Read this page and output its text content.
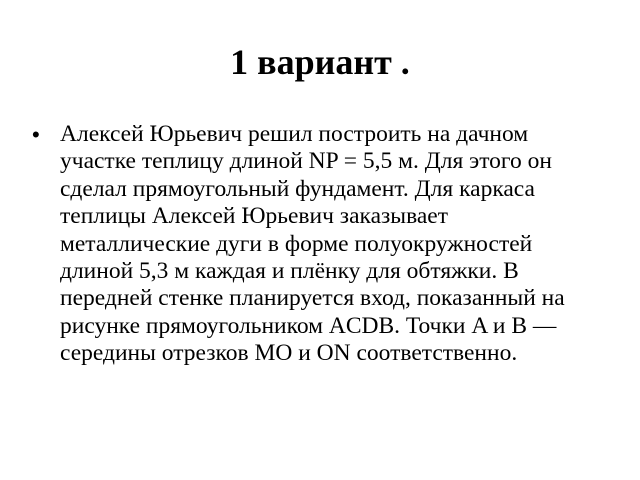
1 вариант .
• Алексей Юрьевич решил построить на дачном участке теплицу длиной NP = 5,5 м. Для этого он сделал прямоугольный фундамент. Для каркаса теплицы Алексей Юрьевич заказывает металлические дуги в форме полуокружностей длиной 5,3 м каждая и плёнку для обтяжки. В передней стенке планируется вход, показанный на рисунке прямоугольником ACDB. Точки A и B — середины отрезков MO и ON соответственно.
